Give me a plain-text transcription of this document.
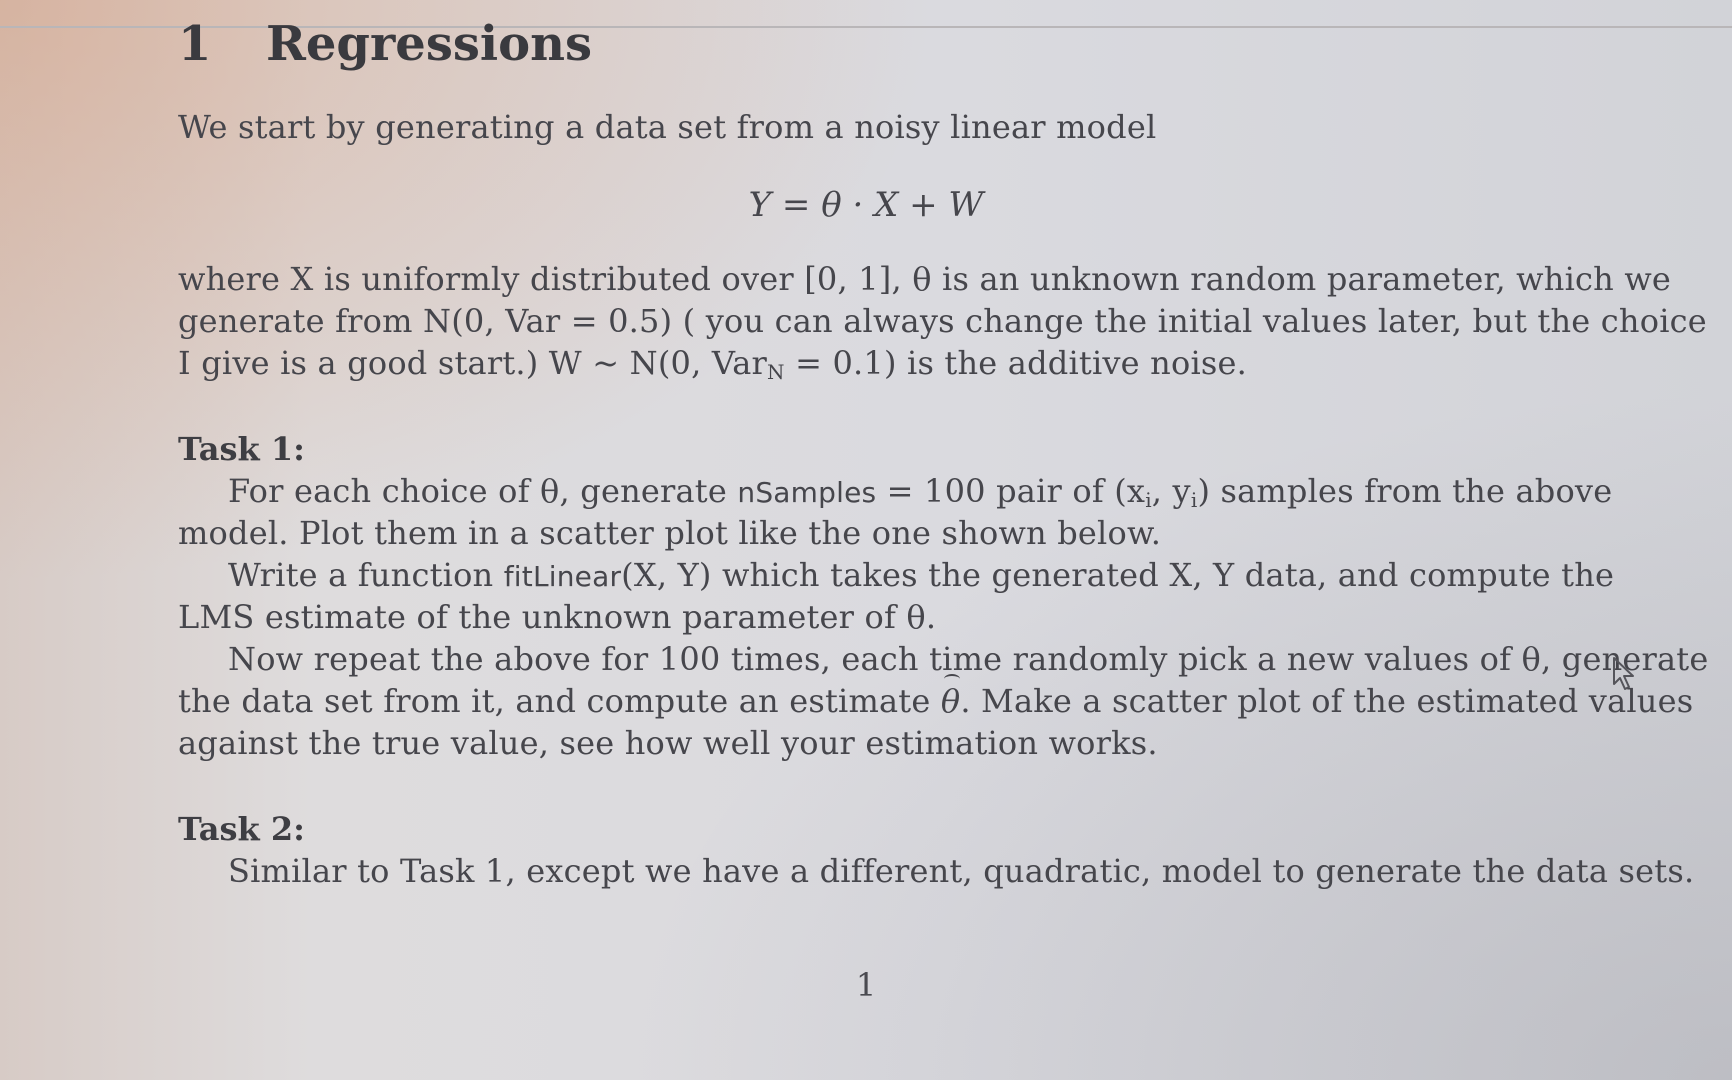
1 Regressions
We start by generating a data set from a noisy linear model
Y = θ · X + W
where X is uniformly distributed over [0, 1], θ is an unknown random parameter, which we
generate from N(0, Var = 0.5) ( you can always change the initial values later, but the choice
I give is a good start.) W ~ N(0, Var$_N$ = 0.1) is the additive noise.
Task 1:
For each choice of θ, generate nSamples = 100 pair of ($x_i$, $y_i$) samples from the above
model. Plot them in a scatter plot like the one shown below.
Write a function fitLinear(X, Y) which takes the generated X, Y data, and compute the
LMS estimate of the unknown parameter of θ.
Now repeat the above for 100 times, each time randomly pick a new values of θ, generate
the data set from it, and compute an estimate θ. Make a scatter plot of the estimated values
against the true value, see how well your estimation works.
Task 2:
Similar to Task 1, except we have a different, quadratic, model to generate the data sets.
1
